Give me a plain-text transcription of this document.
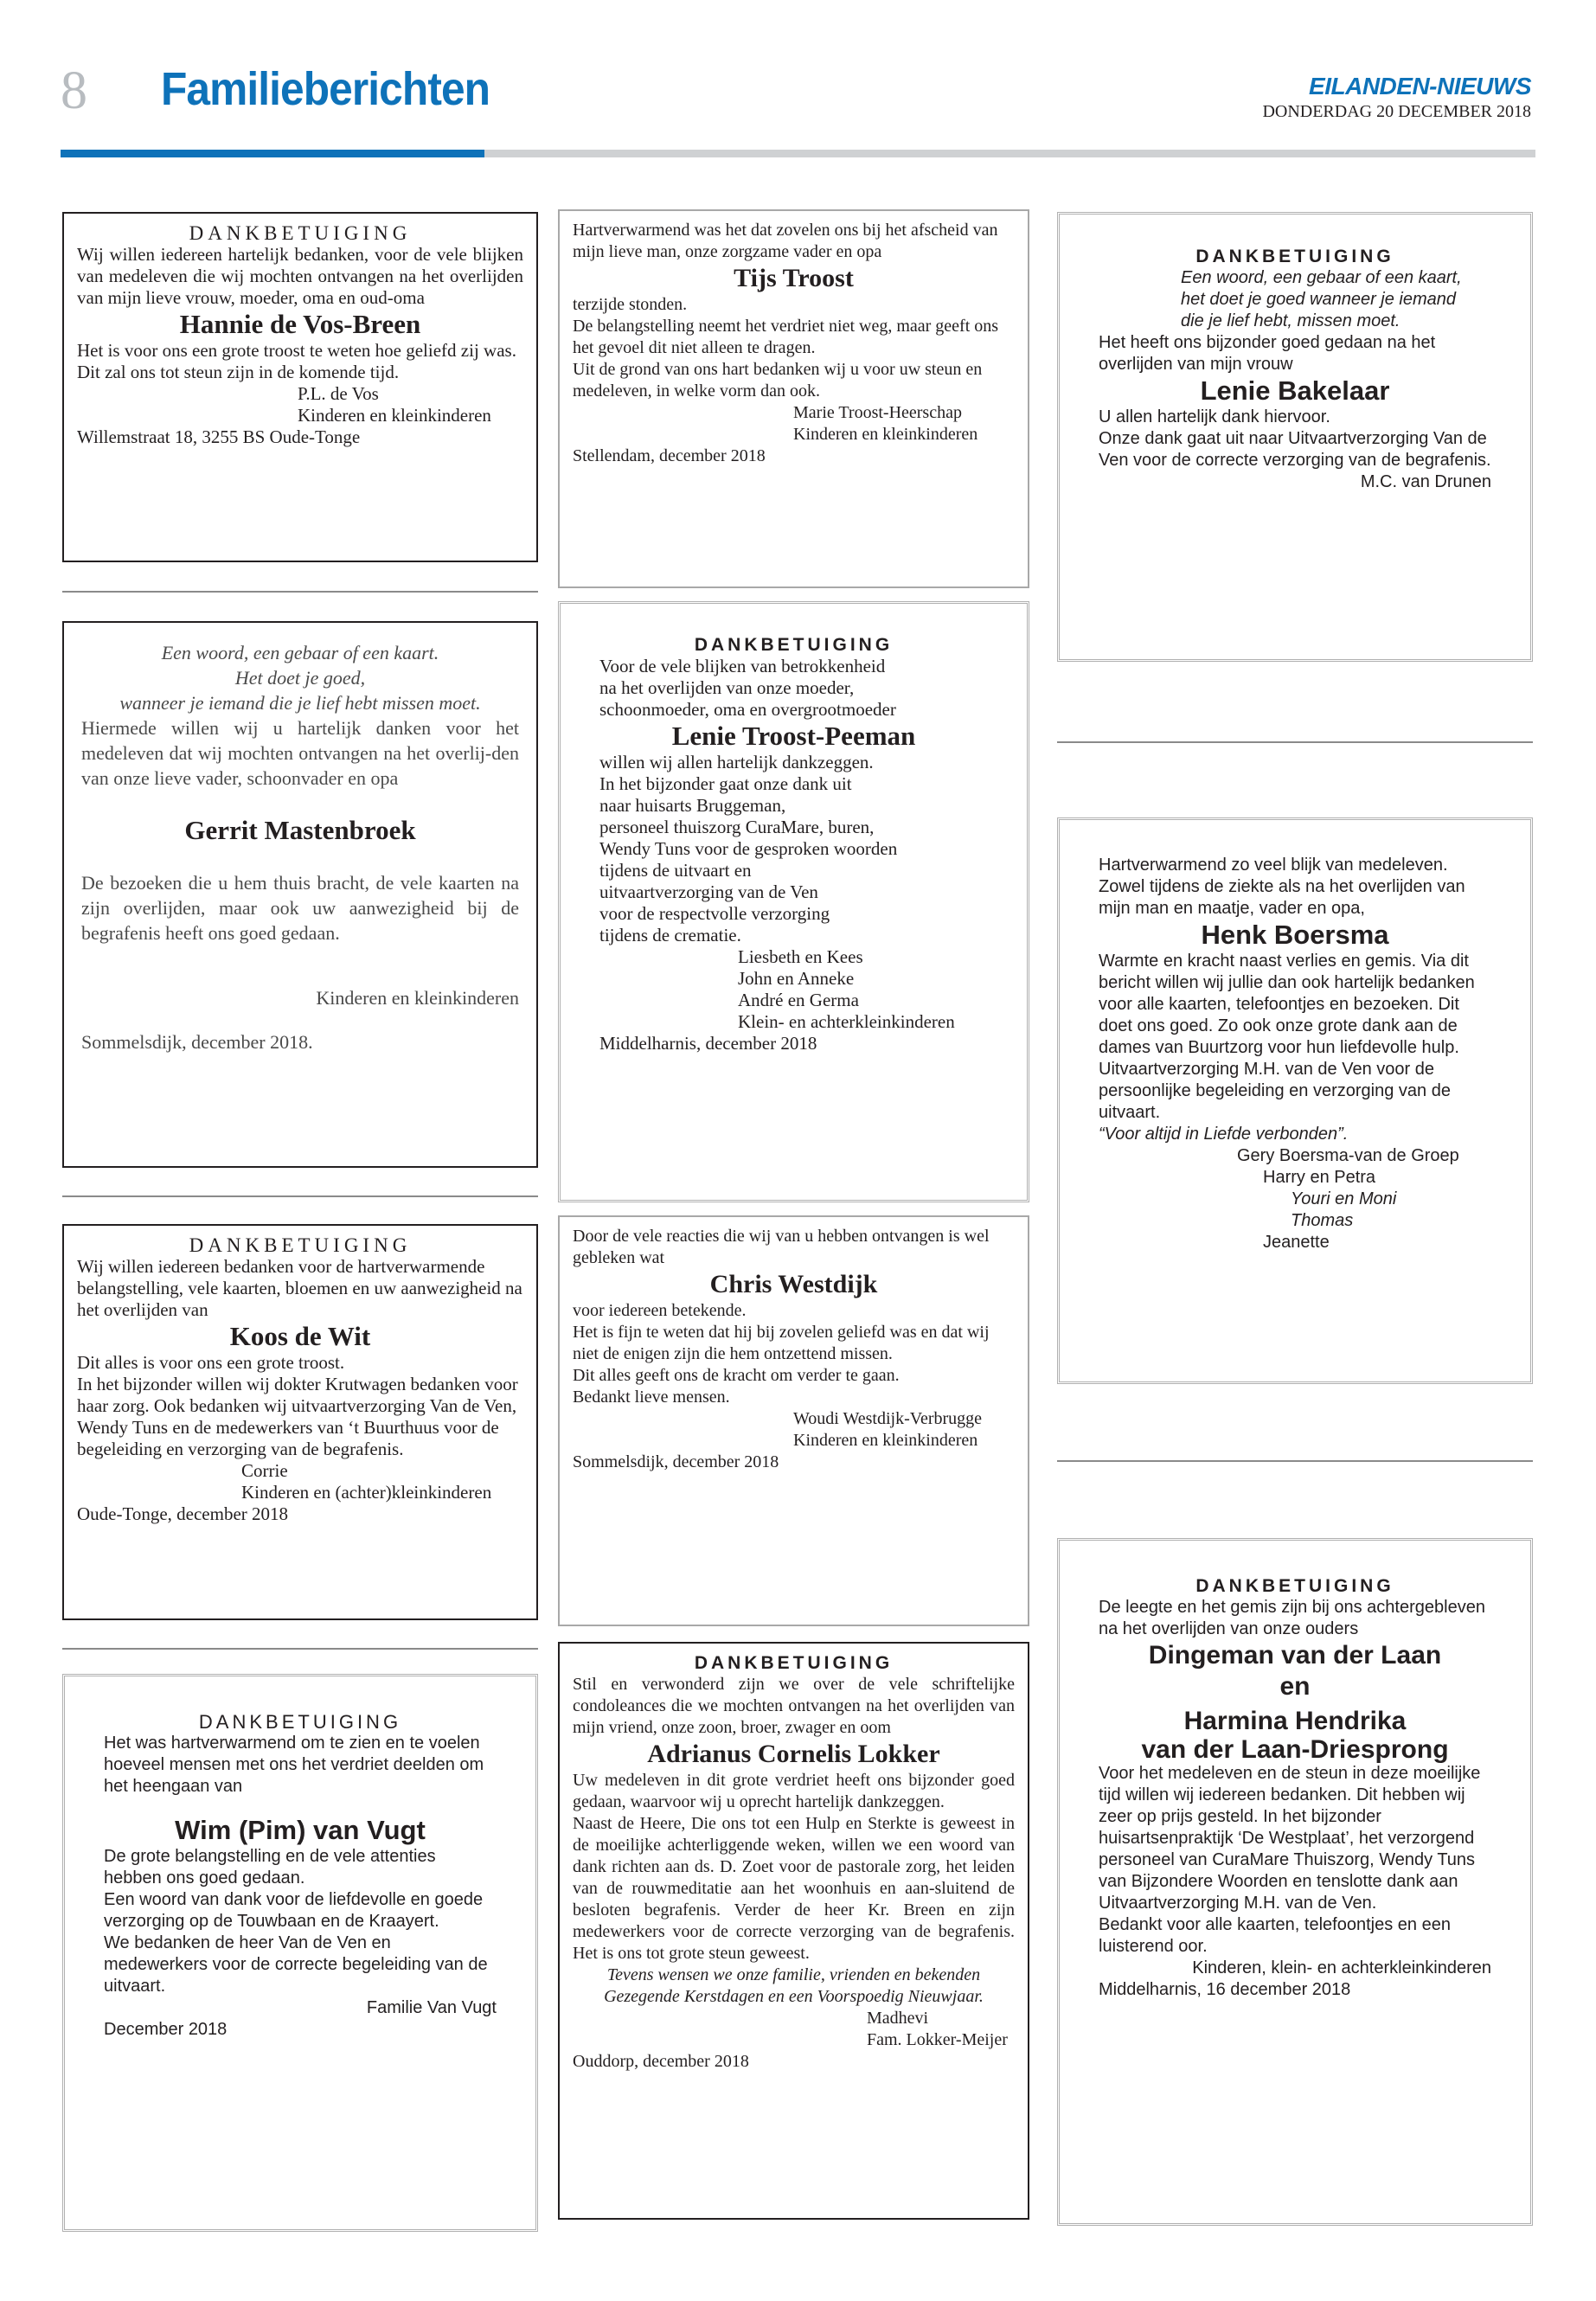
8 Familieberichten	EILANDEN-NIEUWS
DONDERDAG 20 DECEMBER 2018

DANKBETUIGING

Wij willen iedereen hartelijk bedanken, voor de vele blijken van medeleven die wij mochten ontvangen na het overlijden van mijn lieve vrouw, moeder, oma en oud-oma

Hannie de Vos-Breen

Het is voor ons een grote troost te weten hoe geliefd zij was.

Dit zal ons tot steun zijn in de komende tijd.

P.L. de Vos

Kinderen en kleinkinderen

Willemstraat 18, 3255 BS Oude-Tonge

Een woord, een gebaar of een kaart.

Het doet je goed,

wanneer je iemand die je lief hebt missen moet.

Hiermede willen wij u hartelijk danken voor het medeleven dat wij mochten ontvangen na het overlij-den van onze lieve vader, schoonvader en opa

Gerrit Mastenbroek

De bezoeken die u hem thuis bracht, de vele kaarten na zijn overlijden, maar ook uw aanwezigheid bij de begrafenis heeft ons goed gedaan.

Kinderen en kleinkinderen

Sommelsdijk, december 2018.

DANKBETUIGING

Wij willen iedereen bedanken voor de hartverwarmende belangstelling, vele kaarten, bloemen en uw aanwezigheid na het overlijden van

Koos de Wit

Dit alles is voor ons een grote troost.

In het bijzonder willen wij dokter Krutwagen bedanken voor haar zorg. Ook bedanken wij uitvaartverzorging Van de Ven, Wendy Tuns en de medewerkers van ‘t Buurthuus voor de begeleiding en verzorging van de begrafenis.

Corrie

Kinderen en (achter)kleinkinderen

Oude-Tonge, december 2018

DANKBETUIGING

Het was hartverwarmend om te zien en te voelen hoeveel mensen met ons het verdriet deelden om het heengaan van

Wim (Pim) van Vugt

De grote belangstelling en de vele attenties hebben ons goed gedaan.

Een woord van dank voor de liefdevolle en goede verzorging op de Touwbaan en de Kraayert.

We bedanken de heer Van de Ven en medewerkers voor de correcte begeleiding van de uitvaart.

Familie Van Vugt

December 2018

Hartverwarmend was het dat zovelen ons bij het afscheid van mijn lieve man, onze zorgzame vader en opa

Tijs Troost

terzijde stonden.

De belangstelling neemt het verdriet niet weg, maar geeft ons het gevoel dit niet alleen te dragen.

Uit de grond van ons hart bedanken wij u voor uw steun en medeleven, in welke vorm dan ook.

Marie Troost-Heerschap

Kinderen en kleinkinderen

Stellendam, december 2018

DANKBETUIGING

Voor de vele blijken van betrokkenheid

na het overlijden van onze moeder,

schoonmoeder, oma en overgrootmoeder

Lenie Troost-Peeman

willen wij allen hartelijk dankzeggen.

In het bijzonder gaat onze dank uit

naar huisarts Bruggeman,

personeel thuiszorg CuraMare, buren,

Wendy Tuns voor de gesproken woorden

tijdens de uitvaart en

uitvaartverzorging van de Ven

voor de respectvolle verzorging

tijdens de crematie.

Liesbeth en Kees

John en Anneke

André en Germa

Klein- en achterkleinkinderen

Middelharnis, december 2018

Door de vele reacties die wij van u hebben ontvangen is wel gebleken wat

Chris Westdijk

voor iedereen betekende.

Het is fijn te weten dat hij bij zovelen geliefd was en dat wij niet de enigen zijn die hem ontzettend missen.

Dit alles geeft ons de kracht om verder te gaan.

Bedankt lieve mensen.

Woudi Westdijk-Verbrugge

Kinderen en kleinkinderen

Sommelsdijk, december 2018

DANKBETUIGING

Stil en verwonderd zijn we over de vele schriftelijke condoleances die we mochten ontvangen na het overlijden van mijn vriend, onze zoon, broer, zwager en oom

Adrianus Cornelis Lokker

Uw medeleven in dit grote verdriet heeft ons bijzonder goed gedaan, waarvoor wij u oprecht hartelijk dankzeggen.

Naast de Heere, Die ons tot een Hulp en Sterkte is geweest in de moeilijke achterliggende weken, willen we een woord van dank richten aan ds. D. Zoet voor de pastorale zorg, het leiden van de rouwmeditatie aan het woonhuis en aan-sluitend de besloten begrafenis. Verder de heer Kr. Breen en zijn medewerkers voor de correcte verzorging van de begrafenis. Het is ons tot grote steun geweest.

Tevens wensen we onze familie, vrienden en bekenden

Gezegende Kerstdagen en een Voorspoedig Nieuwjaar.

Madhevi

Fam. Lokker-Meijer

Ouddorp, december 2018

DANKBETUIGING

Een woord, een gebaar of een kaart,

het doet je goed wanneer je iemand

die je lief hebt, missen moet.

Het heeft ons bijzonder goed gedaan na het overlijden van mijn vrouw

Lenie Bakelaar

U allen hartelijk dank hiervoor.

Onze dank gaat uit naar Uitvaartverzorging Van de Ven voor de correcte verzorging van de begrafenis.

M.C. van Drunen

Hartverwarmend zo veel blijk van medeleven. Zowel tijdens de ziekte als na het overlijden van mijn man en maatje, vader en opa,

Henk Boersma

Warmte en kracht naast verlies en gemis. Via dit bericht willen wij jullie dan ook hartelijk bedanken voor alle kaarten, telefoontjes en bezoeken. Dit doet ons goed. Zo ook onze grote dank aan de dames van Buurtzorg voor hun liefdevolle hulp. Uitvaartverzorging M.H. van de Ven voor de persoonlijke begeleiding en verzorging van de uitvaart.

“Voor altijd in Liefde verbonden”.

Gery Boersma-van de Groep

Harry en Petra

Youri en Moni

Thomas

Jeanette

DANKBETUIGING

De leegte en het gemis zijn bij ons achtergebleven na het overlijden van onze ouders

Dingeman van der Laan

en

Harmina Hendrika

van der Laan-Driesprong

Voor het medeleven en de steun in deze moeilijke tijd willen wij iedereen bedanken. Dit hebben wij zeer op prijs gesteld. In het bijzonder huisartsenpraktijk ‘De Westplaat’, het verzorgend personeel van CuraMare Thuiszorg, Wendy Tuns van Bijzondere Woorden en tenslotte dank aan Uitvaartverzorging M.H. van de Ven.

Bedankt voor alle kaarten, telefoontjes en een luisterend oor.

Kinderen, klein- en achterkleinkinderen

Middelharnis, 16 december 2018
